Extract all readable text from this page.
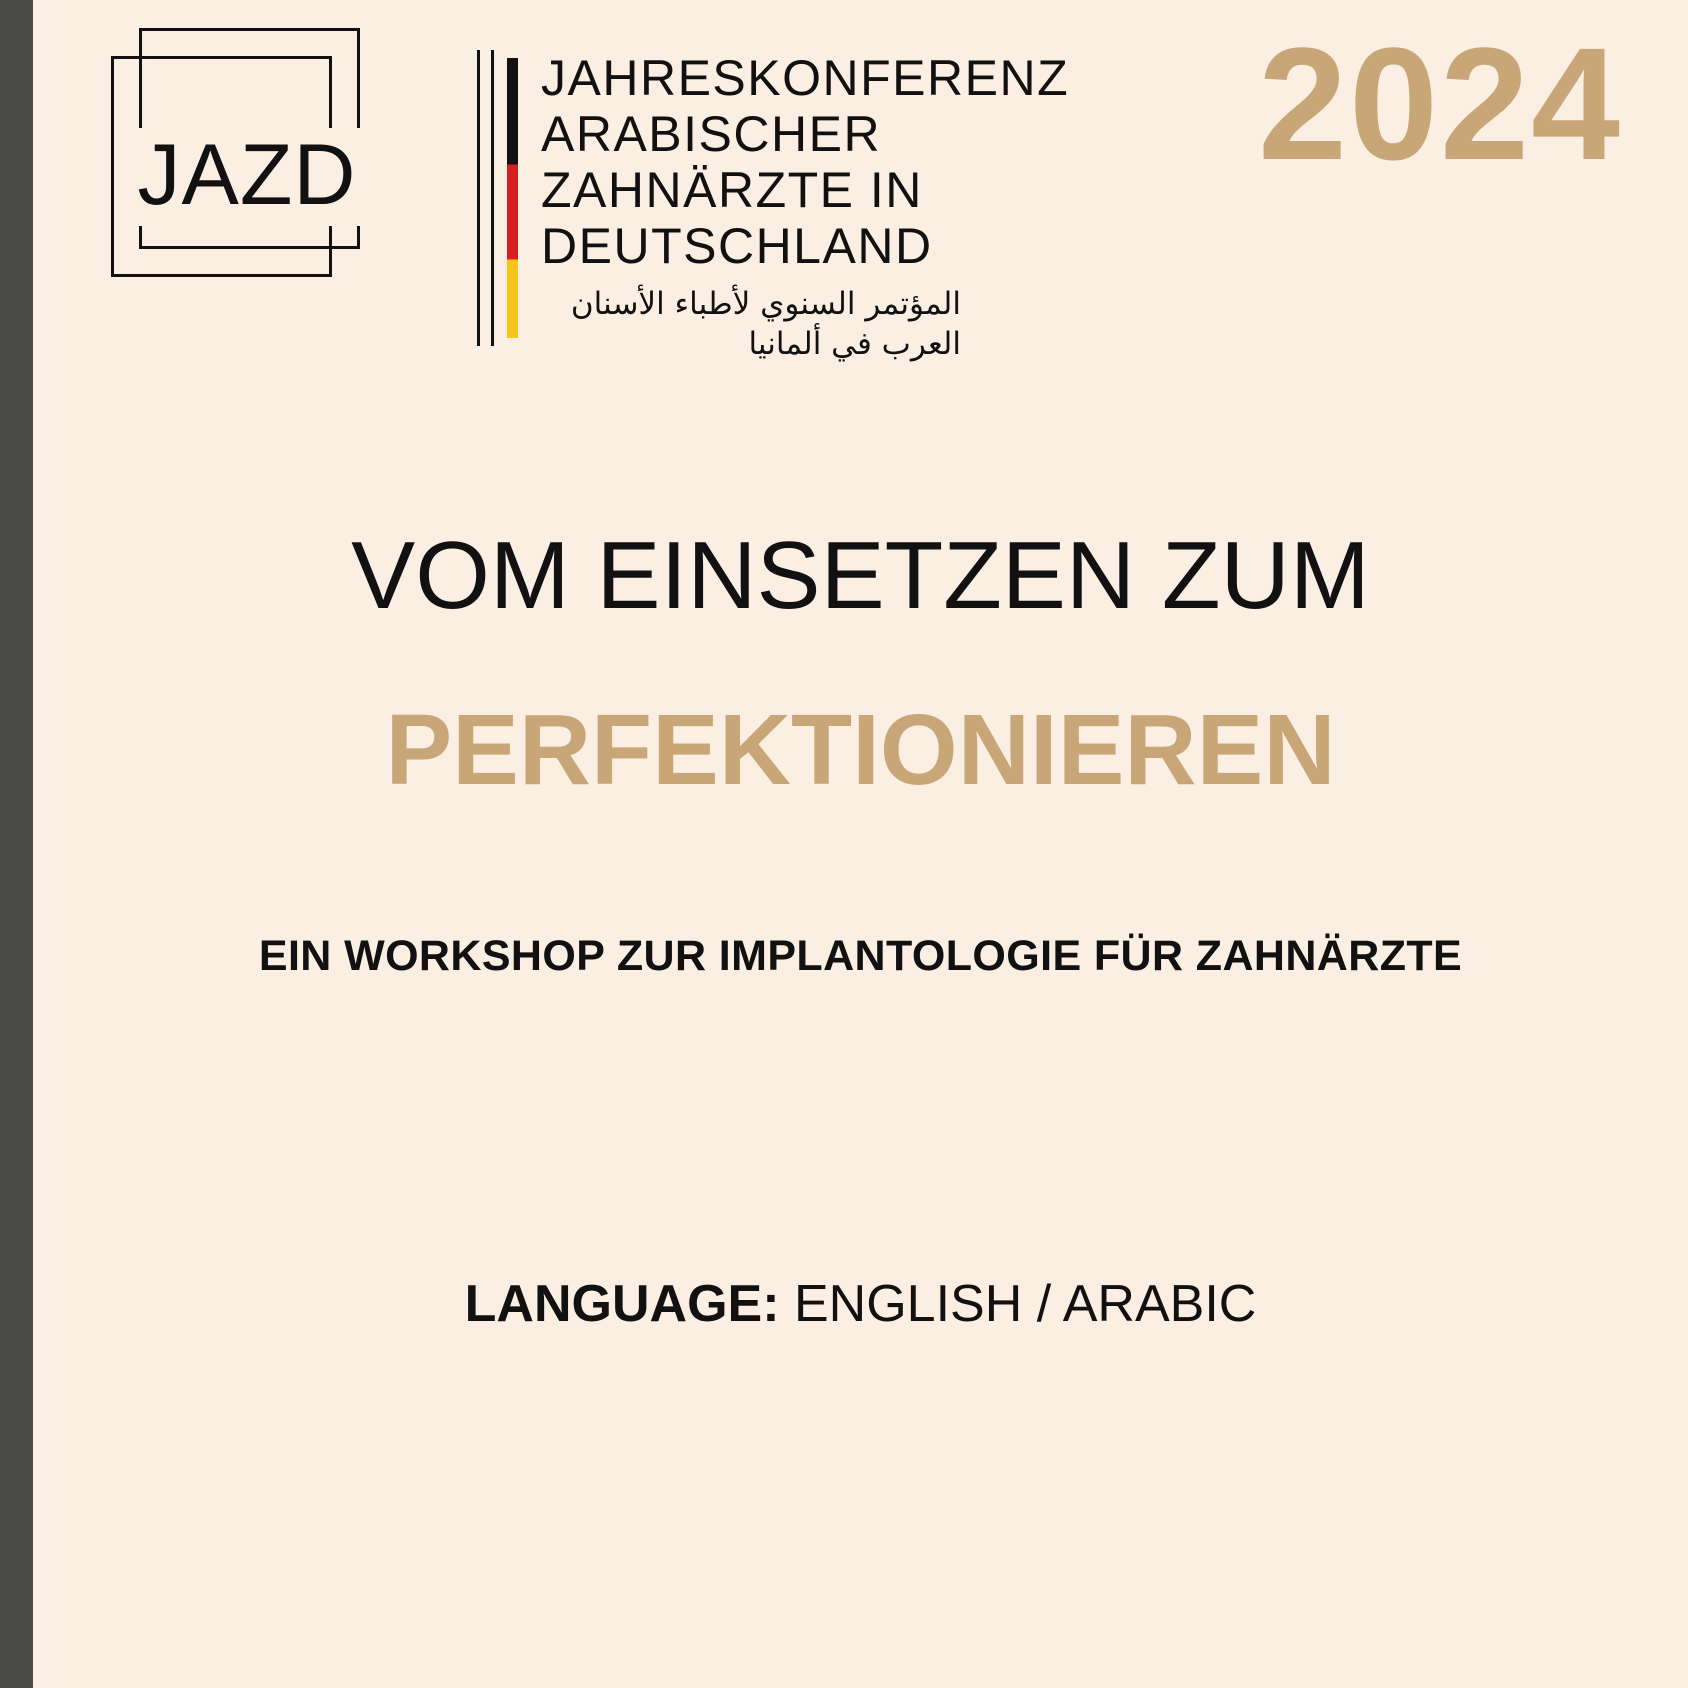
JAZD
JAHRESKONFERENZ
ARABISCHER
ZAHNÄRZTE IN
DEUTSCHLAND
المؤتمر السنوي لأطباء الأسنان العرب في ألمانيا
2024
VOM EINSETZEN ZUM
PERFEKTIONIEREN
EIN WORKSHOP ZUR IMPLANTOLOGIE FÜR ZAHNÄRZTE
LANGUAGE: ENGLISH / ARABIC
